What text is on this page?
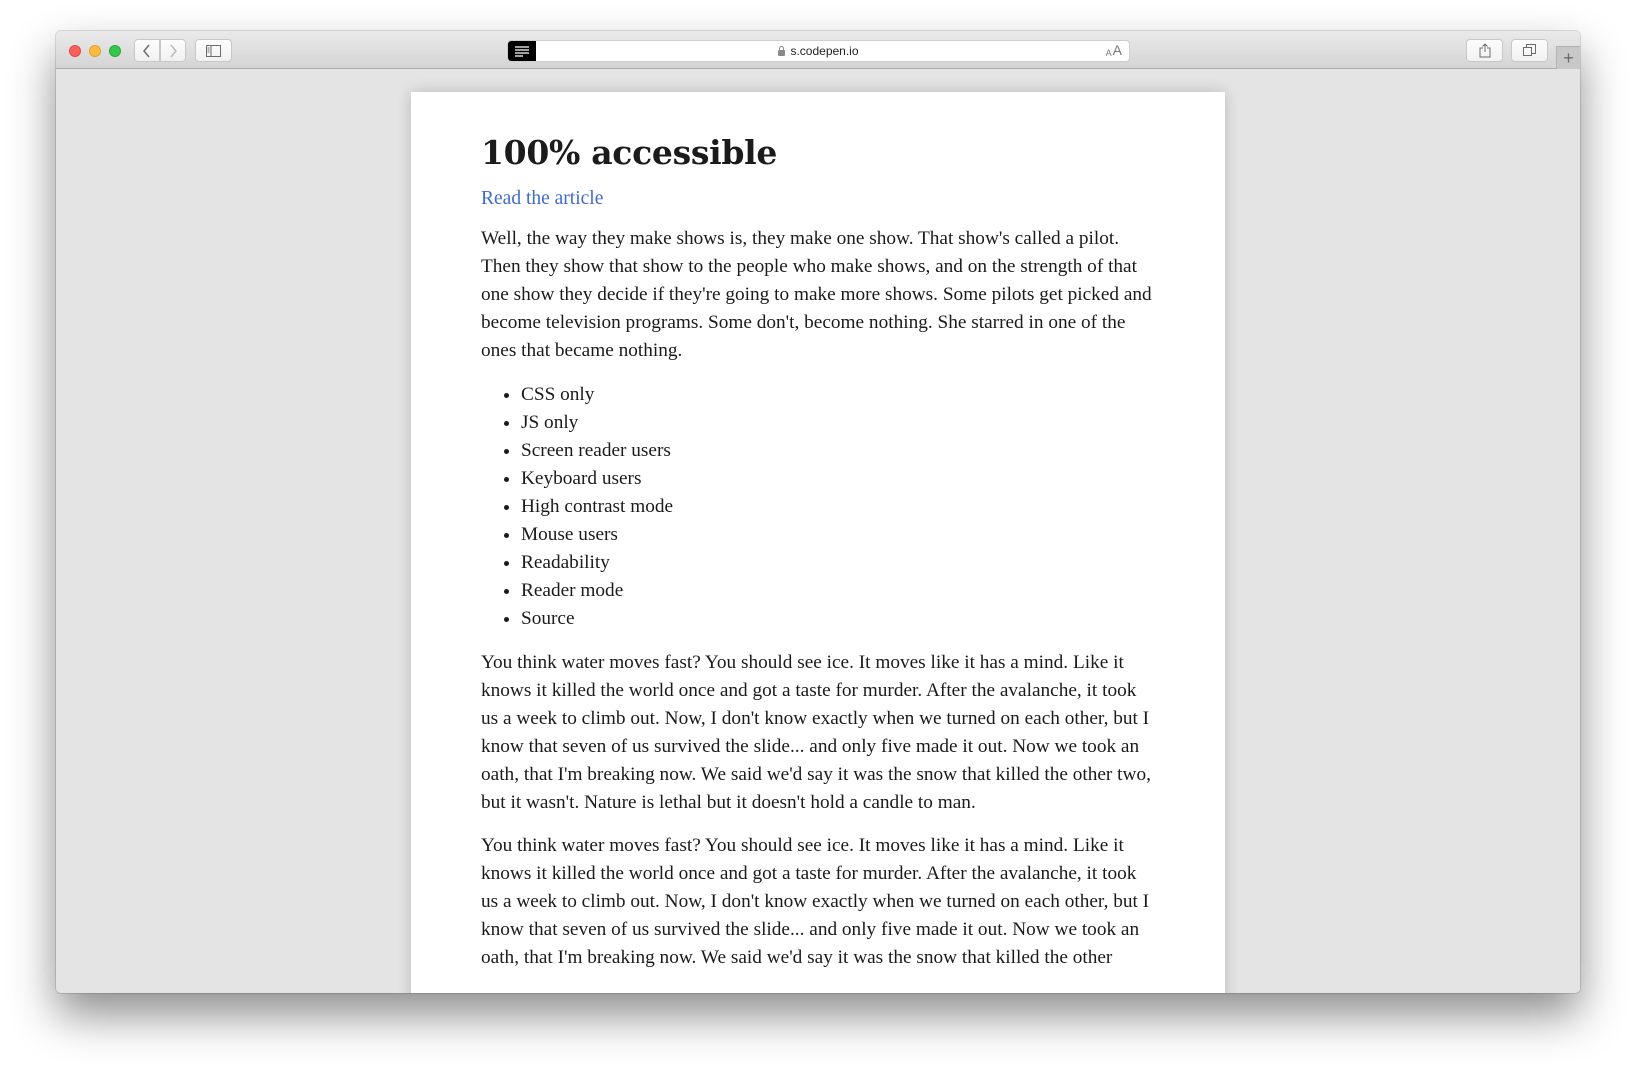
s.codepen.io	A A	+
100% accessible
Read the article

Well, the way they make shows is, they make one show. That show's called a pilot. Then they show that show to the people who make shows, and on the strength of that one show they decide if they're going to make more shows. Some pilots get picked and become television programs. Some don't, become nothing. She starred in one of the ones that became nothing.

• CSS only
• JS only
• Screen reader users
• Keyboard users
• High contrast mode
• Mouse users
• Readability
• Reader mode
• Source

You think water moves fast? You should see ice. It moves like it has a mind. Like it knows it killed the world once and got a taste for murder. After the avalanche, it took us a week to climb out. Now, I don't know exactly when we turned on each other, but I know that seven of us survived the slide... and only five made it out. Now we took an oath, that I'm breaking now. We said we'd say it was the snow that killed the other two, but it wasn't. Nature is lethal but it doesn't hold a candle to man.

You think water moves fast? You should see ice. It moves like it has a mind. Like it knows it killed the world once and got a taste for murder. After the avalanche, it took us a week to climb out. Now, I don't know exactly when we turned on each other, but I know that seven of us survived the slide... and only five made it out. Now we took an oath, that I'm breaking now. We said we'd say it was the snow that killed the other
